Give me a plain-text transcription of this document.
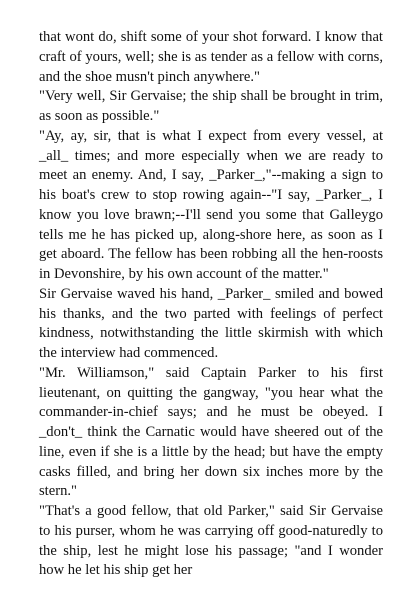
that wont do, shift some of your shot forward. I know that craft of yours, well; she is as tender as a fellow with corns, and the shoe musn't pinch anywhere."

"Very well, Sir Gervaise; the ship shall be brought in trim, as soon as possible."

"Ay, ay, sir, that is what I expect from every vessel, at _all_ times; and more especially when we are ready to meet an enemy. And, I say, _Parker_,"--making a sign to his boat's crew to stop rowing again--"I say, _Parker_, I know you love brawn;--I'll send you some that Galleygo tells me he has picked up, along-shore here, as soon as I get aboard. The fellow has been robbing all the hen-roosts in Devonshire, by his own account of the matter."

Sir Gervaise waved his hand, _Parker_ smiled and bowed his thanks, and the two parted with feelings of perfect kindness, notwithstanding the little skirmish with which the interview had commenced.

"Mr. Williamson," said Captain Parker to his first lieutenant, on quitting the gangway, "you hear what the commander-in-chief says; and he must be obeyed. I _don't_ think the Carnatic would have sheered out of the line, even if she is a little by the head; but have the empty casks filled, and bring her down six inches more by the stern."

"That's a good fellow, that old Parker," said Sir Gervaise to his purser, whom he was carrying off good-naturedly to the ship, lest he might lose his passage; "and I wonder how he let his ship get her
